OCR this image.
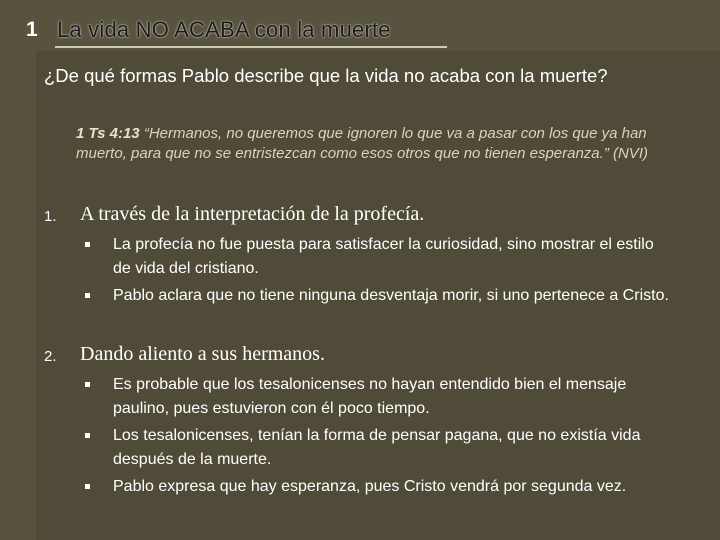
1 La vida NO ACABA con la muerte
¿De qué formas Pablo describe que la vida no acaba con la muerte?
1 Ts 4:13 “Hermanos, no queremos que ignoren lo que va a pasar con los que ya han muerto, para que no se entristezcan como esos otros que no tienen esperanza.” (NVI)
1. A través de la interpretación de la profecía.
La profecía no fue puesta para satisfacer la curiosidad, sino mostrar el estilo de vida del cristiano.
Pablo aclara que no tiene ninguna desventaja morir, si uno pertenece a Cristo.
2. Dando aliento a sus hermanos.
Es probable que los tesalonicenses no hayan entendido bien el mensaje paulino, pues estuvieron con él poco tiempo.
Los tesalonicenses, tenían la forma de pensar pagana, que no existía vida después de la muerte.
Pablo expresa que hay esperanza, pues Cristo vendrá por segunda vez.
